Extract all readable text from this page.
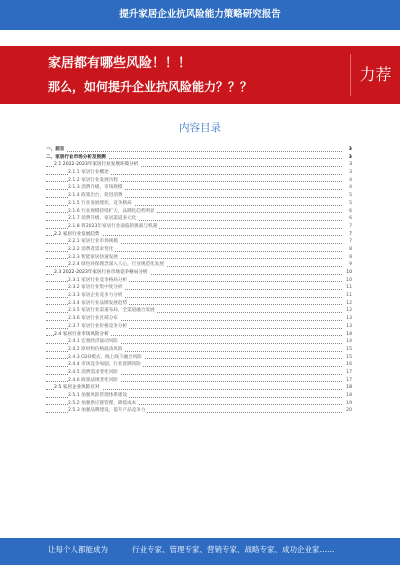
提升家居企业抗风险能力策略研究报告
家居都有哪些风险！！！
那么，如何提升企业抗风险能力？？？
力荐
内容目录
一、前言	3
二、家居行业市场分析及预测	3
2.1 2022-2023年家居行业发展环境分析	3
2.1.1 家居行业概述	3
2.1.2 家居行业发展历程	4
2.1.3 消费升级，市场规模	4
2.1.4 政策出台，促进消费	5
2.1.5 行业发展现状，竞争格局	5
2.1.6 行业规模持续扩大，品牌化趋势明显	6
2.1.7 消费升级，家居渠道多元化	6
2.1.8 将2023年家居行业面临的挑战与机遇	7
2.2 家居行业发展趋势	7
2.2.1 家居行业市场规模	7
2.2.2 消费者需求变化	8
2.2.3 智能家居快速发展	8
2.2.4 绿色环保理念深入人心，行业规范化发展	9
2.3 2022-2023年家居行业市场竞争格局分析	10
2.3.1 家居行业竞争格局分析	10
2.3.2 家居行业集中度分析	11
2.3.3 家居企业竞争力分析	11
2.3.4 家居行业品牌发展趋势	12
2.3.5 家居行业渠道布局，全渠道融合发展	12
2.3.6 家居行业区域分布	13
2.3.7 家居行业价格竞争分析	13
2.4 家居行业市场风险分析	14
2.4.1 宏观经济波动风险	14
2.4.2 原材料价格波动风险	15
2.4.3 O2O模式、线上线下融合风险	15
2.4.4 市场竞争加剧，行业洗牌风险	16
2.4.5 消费需求变化风险	17
2.4.6 政策法规变化风险	17
2.5 家居企业风险应对	18
2.5.1 加强风险管理体系建设	18
2.5.2 加强供应链管理，降低成本	19
2.5.3 加强品牌建设，提升产品竞争力	20
让每个人都能成为	行业专家、管理专家、营销专家、战略专家、成功企业家……
